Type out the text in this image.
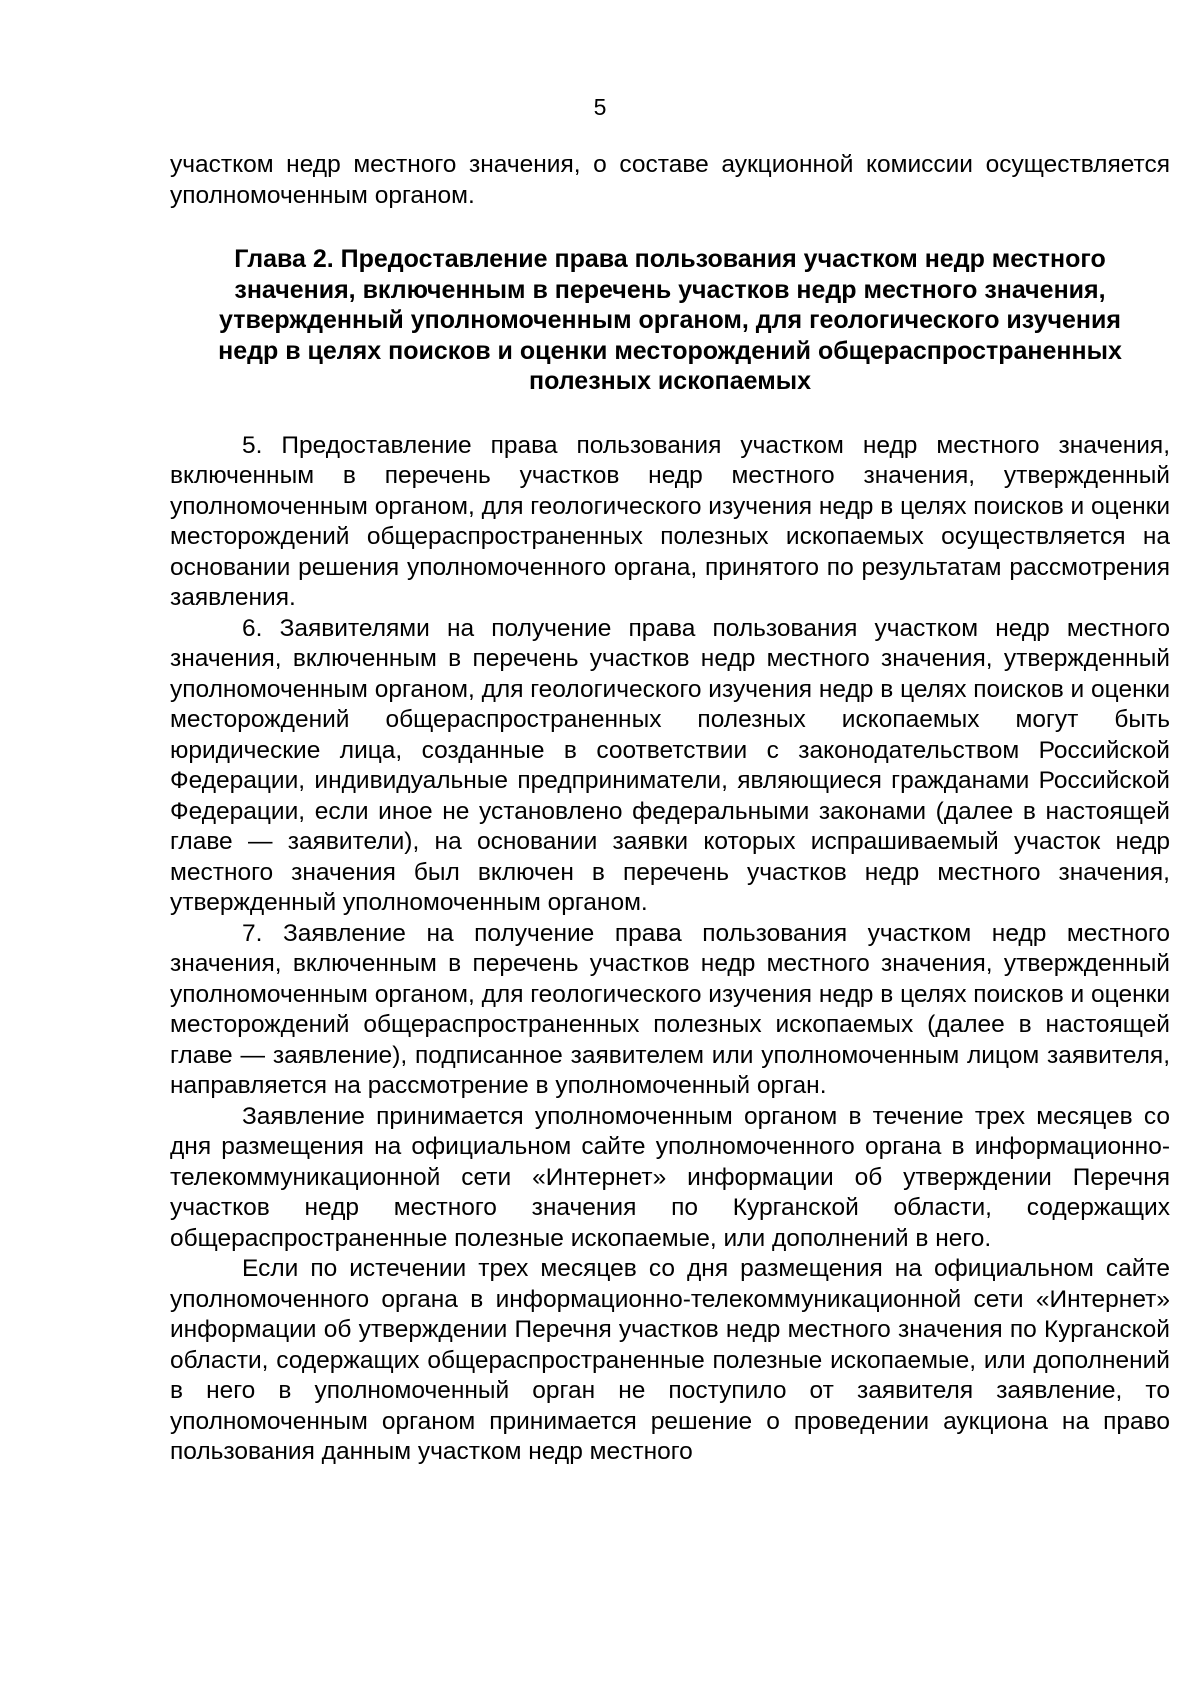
5

участком недр местного значения, о составе аукционной комиссии осуществляется уполномоченным органом.

Глава 2. Предоставление права пользования участком недр местного значения, включенным в перечень участков недр местного значения, утвержденный уполномоченным органом, для геологического изучения недр в целях поисков и оценки месторождений общераспространенных полезных ископаемых

5. Предоставление права пользования участком недр местного значения, включенным в перечень участков недр местного значения, утвержденный уполномоченным органом, для геологического изучения недр в целях поисков и оценки месторождений общераспространенных полезных ископаемых осуществляется на основании решения уполномоченного органа, принятого по результатам рассмотрения заявления.

6. Заявителями на получение права пользования участком недр местного значения, включенным в перечень участков недр местного значения, утвержденный уполномоченным органом, для геологического изучения недр в целях поисков и оценки месторождений общераспространенных полезных ископаемых могут быть юридические лица, созданные в соответствии с законодательством Российской Федерации, индивидуальные предприниматели, являющиеся гражданами Российской Федерации, если иное не установлено федеральными законами (далее в настоящей главе — заявители), на основании заявки которых испрашиваемый участок недр местного значения был включен в перечень участков недр местного значения, утвержденный уполномоченным органом.

7. Заявление на получение права пользования участком недр местного значения, включенным в перечень участков недр местного значения, утвержденный уполномоченным органом, для геологического изучения недр в целях поисков и оценки месторождений общераспространенных полезных ископаемых (далее в настоящей главе — заявление), подписанное заявителем или уполномоченным лицом заявителя, направляется на рассмотрение в уполномоченный орган.

Заявление принимается уполномоченным органом в течение трех месяцев со дня размещения на официальном сайте уполномоченного органа в информационно-телекоммуникационной сети «Интернет» информации об утверждении Перечня участков недр местного значения по Курганской области, содержащих общераспространенные полезные ископаемые, или дополнений в него.

Если по истечении трех месяцев со дня размещения на официальном сайте уполномоченного органа в информационно-телекоммуникационной сети «Интернет» информации об утверждении Перечня участков недр местного значения по Курганской области, содержащих общераспространенные полезные ископаемые, или дополнений в него в уполномоченный орган не поступило от заявителя заявление, то уполномоченным органом принимается решение о проведении аукциона на право пользования данным участком недр местного
